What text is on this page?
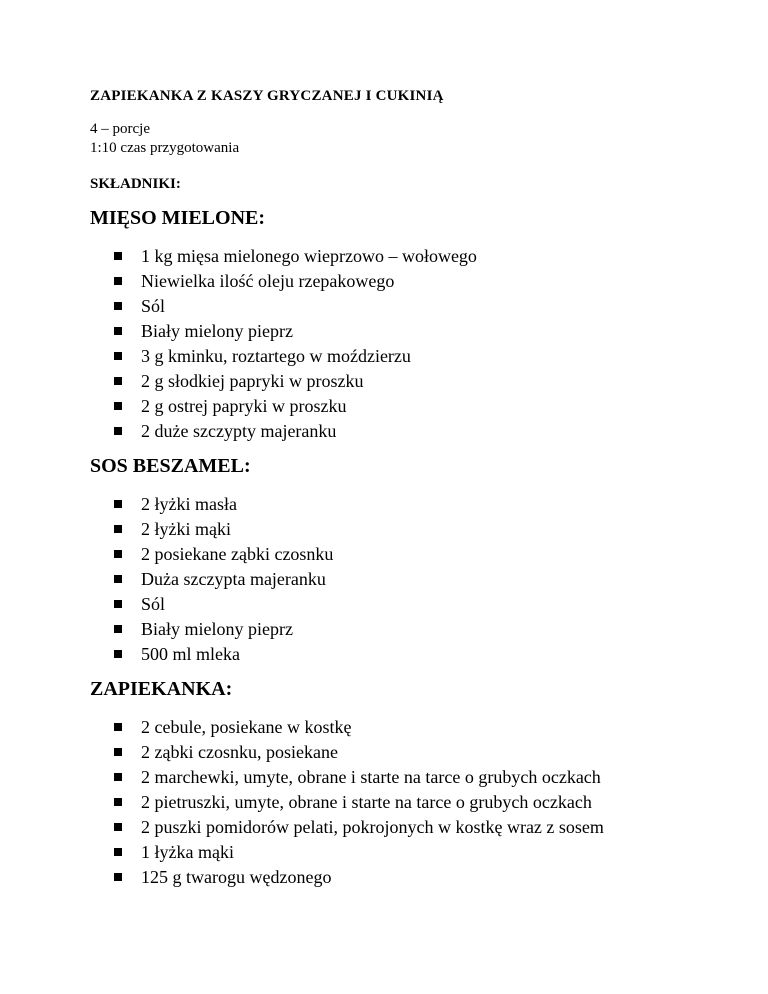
ZAPIEKANKA Z KASZY GRYCZANEJ I CUKINIĄ
4 – porcje
1:10 czas przygotowania
SKŁADNIKI:
MIĘSO MIELONE:
1 kg mięsa mielonego wieprzowo – wołowego
Niewielka ilość oleju rzepakowego
Sól
Biały mielony pieprz
3 g kminku, roztartego w moździerzu
2 g słodkiej papryki w proszku
2 g ostrej papryki w proszku
2 duże szczypty majeranku
SOS BESZAMEL:
2 łyżki masła
2 łyżki mąki
2 posiekane ząbki czosnku
Duża szczypta majeranku
Sól
Biały mielony pieprz
500 ml mleka
ZAPIEKANKA:
2 cebule, posiekane w kostkę
2 ząbki czosnku, posiekane
2 marchewki, umyte, obrane i starte na tarce o grubych oczkach
2 pietruszki, umyte, obrane i starte na tarce o grubych oczkach
2 puszki pomidorów pelati, pokrojonych w kostkę wraz z sosem
1 łyżka mąki
125 g twarogu wędzonego
